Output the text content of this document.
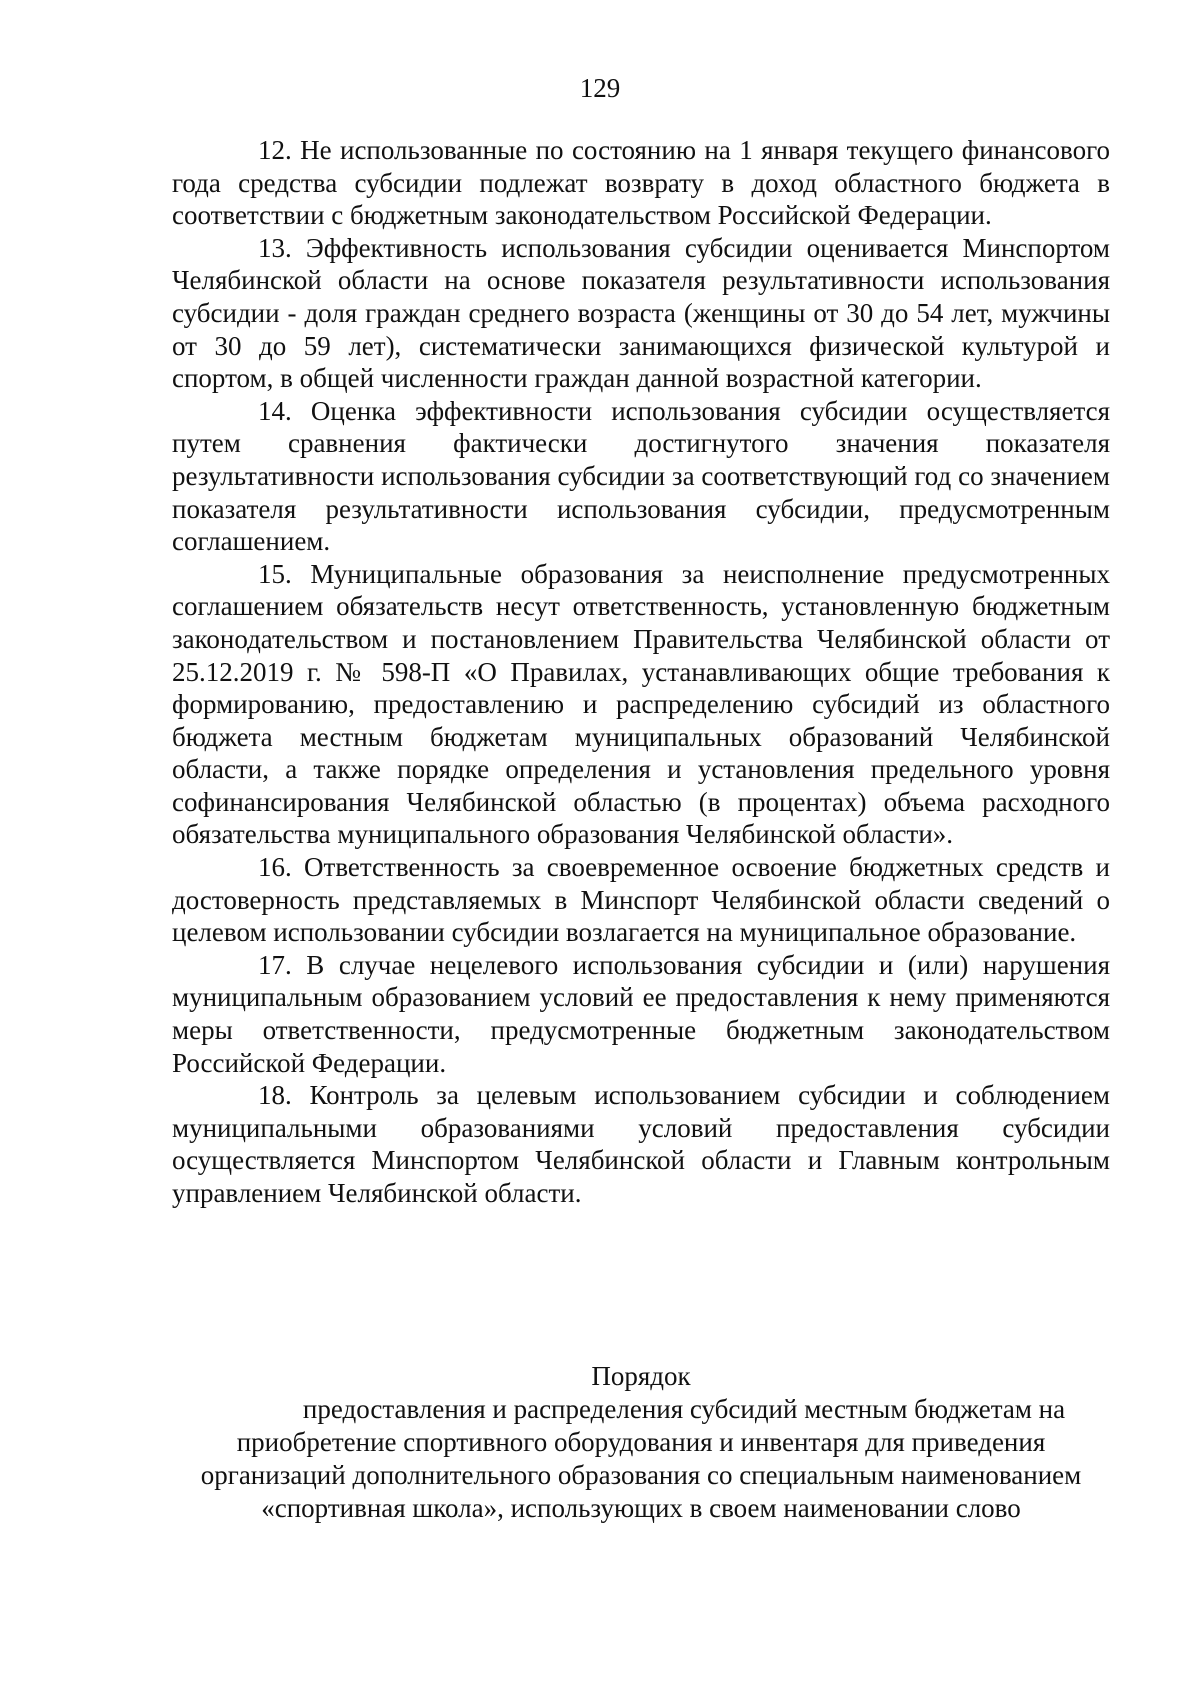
129

12. Не использованные по состоянию на 1 января текущего финансового года средства субсидии подлежат возврату в доход областного бюджета в соответствии с бюджетным законодательством Российской Федерации.

13. Эффективность использования субсидии оценивается Минспортом Челябинской области на основе показателя результативности использования субсидии - доля граждан среднего возраста (женщины от 30 до 54 лет, мужчины от 30 до 59 лет), систематически занимающихся физической культурой и спортом, в общей численности граждан данной возрастной категории.

14. Оценка эффективности использования субсидии осуществляется путем сравнения фактически достигнутого значения показателя результативности использования субсидии за соответствующий год со значением показателя результативности использования субсидии, предусмотренным соглашением.

15. Муниципальные образования за неисполнение предусмотренных соглашением обязательств несут ответственность, установленную бюджетным законодательством и постановлением Правительства Челябинской области от 25.12.2019 г. № 598-П «О Правилах, устанавливающих общие требования к формированию, предоставлению и распределению субсидий из областного бюджета местным бюджетам муниципальных образований Челябинской области, а также порядке определения и установления предельного уровня софинансирования Челябинской областью (в процентах) объема расходного обязательства муниципального образования Челябинской области».

16. Ответственность за своевременное освоение бюджетных средств и достоверность представляемых в Минспорт Челябинской области сведений о целевом использовании субсидии возлагается на муниципальное образование.

17. В случае нецелевого использования субсидии и (или) нарушения муниципальным образованием условий ее предоставления к нему применяются меры ответственности, предусмотренные бюджетным законодательством Российской Федерации.

18. Контроль за целевым использованием субсидии и соблюдением муниципальными образованиями условий предоставления субсидии осуществляется Минспортом Челябинской области и Главным контрольным управлением Челябинской области.

Порядок

предоставления и распределения субсидий местным бюджетам на приобретение спортивного оборудования и инвентаря для приведения организаций дополнительного образования со специальным наименованием «спортивная школа», использующих в своем наименовании слово
